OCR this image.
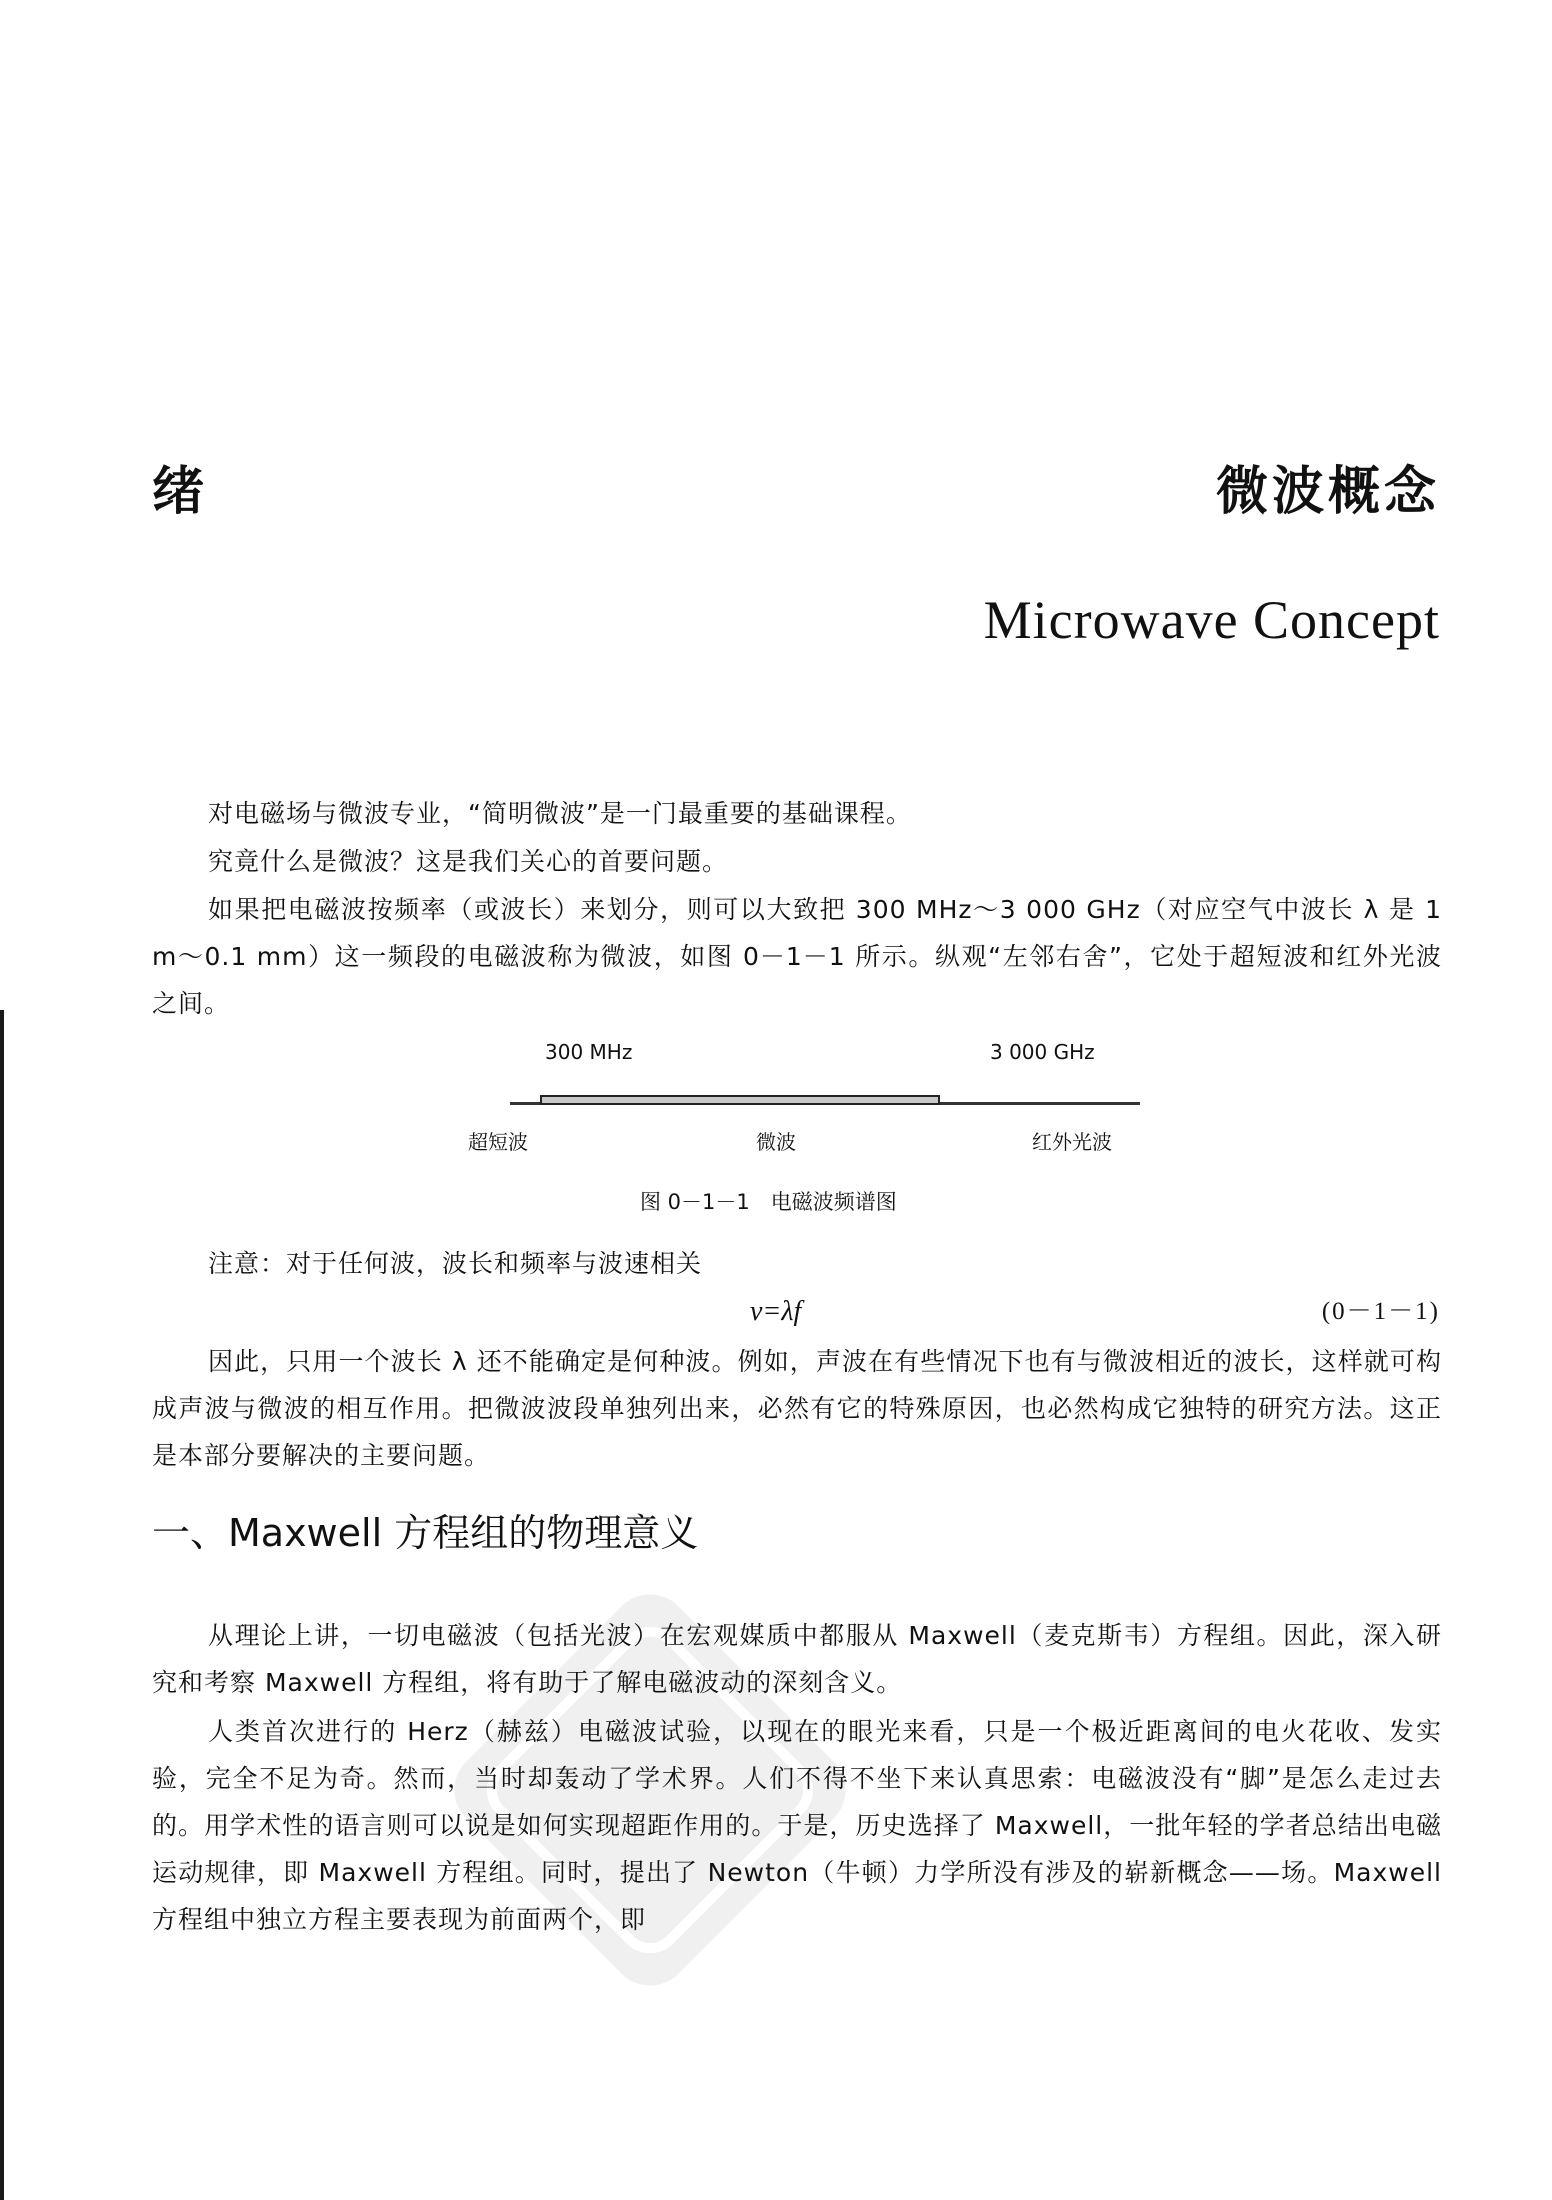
绪	微波概念
Microwave Concept

对电磁场与微波专业，“简明微波”是一门最重要的基础课程。

究竟什么是微波？这是我们关心的首要问题。

如果把电磁波按频率（或波长）来划分，则可以大致把 300 MHz～3 000 GHz（对应空气中波长 λ 是 1 m～0.1 mm）这一频段的电磁波称为微波，如图 0－1－1 所示。纵观“左邻右舍”，它处于超短波和红外光波之间。

300 MHz	3 000 GHz
超短波	微波	红外光波
图 0－1－1　电磁波频谱图

注意：对于任何波，波长和频率与波速相关

v=λf	(0－1－1)

因此，只用一个波长 λ 还不能确定是何种波。例如，声波在有些情况下也有与微波相近的波长，这样就可构成声波与微波的相互作用。把微波波段单独列出来，必然有它的特殊原因，也必然构成它独特的研究方法。这正是本部分要解决的主要问题。

一、Maxwell 方程组的物理意义

从理论上讲，一切电磁波（包括光波）在宏观媒质中都服从 Maxwell（麦克斯韦）方程组。因此，深入研究和考察 Maxwell 方程组，将有助于了解电磁波动的深刻含义。

人类首次进行的 Herz（赫兹）电磁波试验，以现在的眼光来看，只是一个极近距离间的电火花收、发实验，完全不足为奇。然而，当时却轰动了学术界。人们不得不坐下来认真思索：电磁波没有“脚”是怎么走过去的。用学术性的语言则可以说是如何实现超距作用的。于是，历史选择了 Maxwell，一批年轻的学者总结出电磁运动规律，即 Maxwell 方程组。同时，提出了 Newton（牛顿）力学所没有涉及的崭新概念——场。Maxwell 方程组中独立方程主要表现为前面两个，即
